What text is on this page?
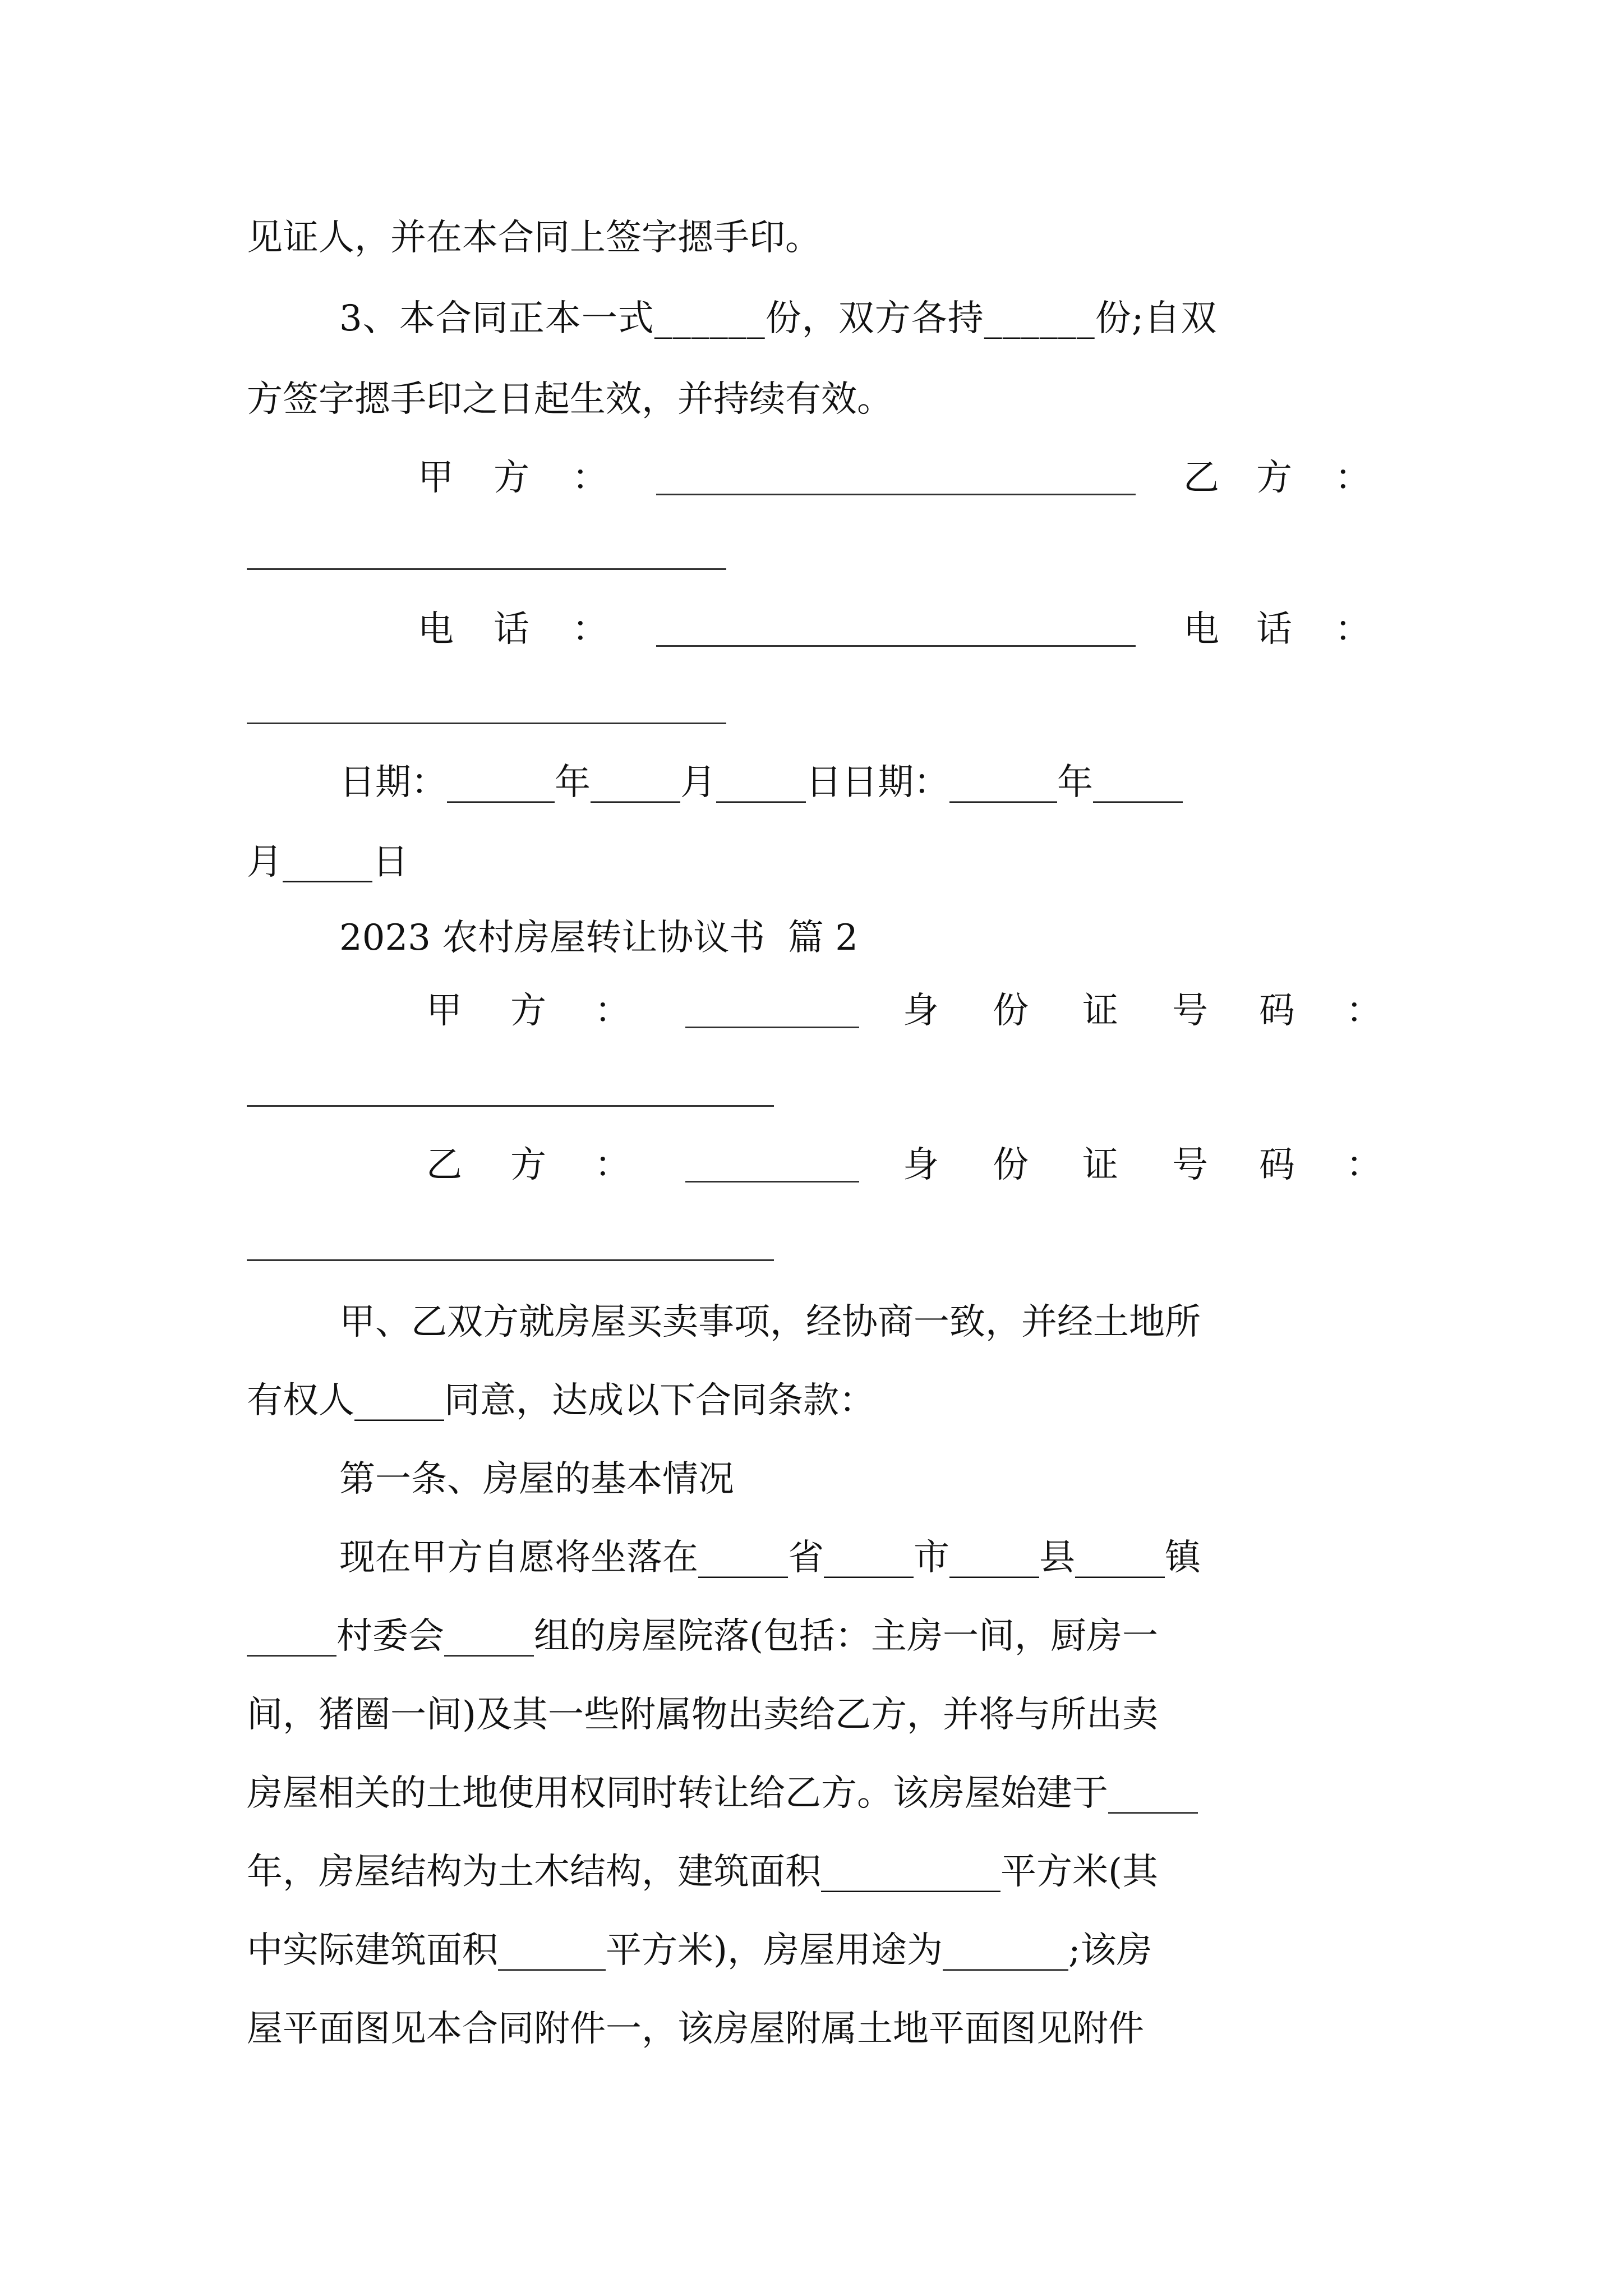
见证人，并在本合同上签字摁手印。
3、本合同正本一式______份，双方各持______份;自双
方签字摁手印之日起生效，并持续有效。
甲 方 ：	乙 方 ：
电 话 ：	电 话 ：
日期：______年_____月_____日日期：______年_____
月_____日
2023 农村房屋转让协议书  篇 2
甲 方 ：	身 份 证 号 码 ：
乙 方 ：	身 份 证 号 码 ：
甲、乙双方就房屋买卖事项，经协商一致，并经土地所
有权人_____同意，达成以下合同条款：
第一条、房屋的基本情况
现在甲方自愿将坐落在_____省_____市_____县_____镇
_____村委会_____组的房屋院落(包括：主房一间，厨房一
间，猪圈一间)及其一些附属物出卖给乙方，并将与所出卖
房屋相关的土地使用权同时转让给乙方。该房屋始建于_____
年，房屋结构为土木结构，建筑面积__________平方米(其
中实际建筑面积______平方米)，房屋用途为_______;该房
屋平面图见本合同附件一，该房屋附属土地平面图见附件
